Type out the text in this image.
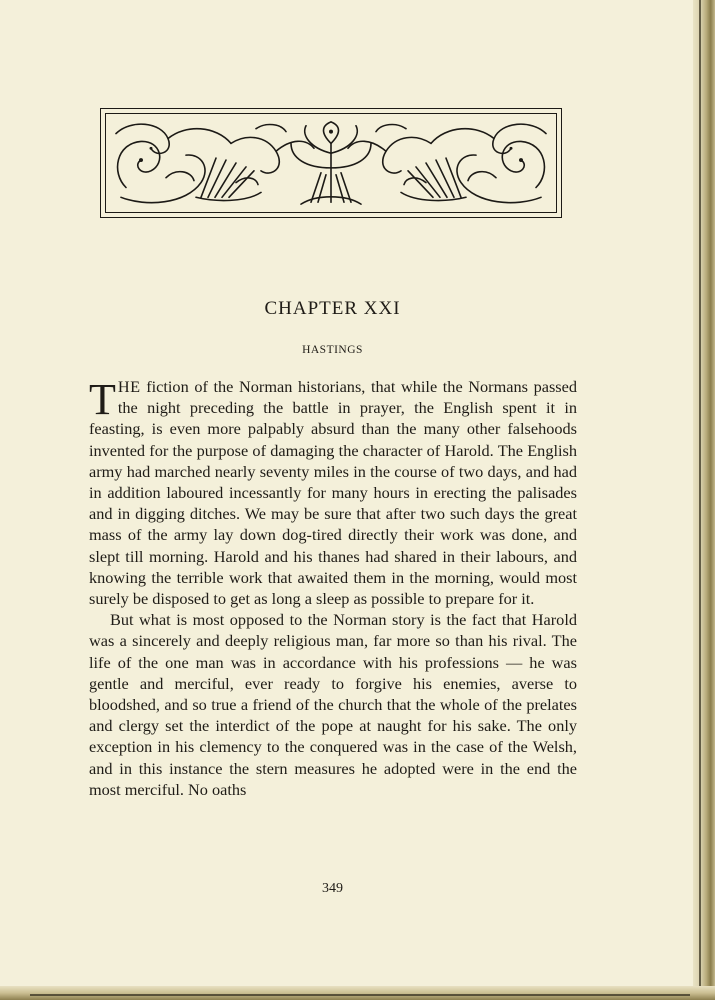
CHAPTER XXI
HASTINGS

THE fiction of the Norman historians, that while the Normans passed the night preceding the battle in prayer, the English spent it in feasting, is even more palpably absurd than the many other falsehoods invented for the purpose of damaging the character of Harold. The English army had marched nearly seventy miles in the course of two days, and had in addition laboured incessantly for many hours in erecting the palisades and in digging ditches. We may be sure that after two such days the great mass of the army lay down dog-tired directly their work was done, and slept till morning. Harold and his thanes had shared in their labours, and knowing the terrible work that awaited them in the morning, would most surely be disposed to get as long a sleep as possible to prepare for it.

But what is most opposed to the Norman story is the fact that Harold was a sincerely and deeply religious man, far more so than his rival. The life of the one man was in accordance with his professions — he was gentle and merciful, ever ready to forgive his enemies, averse to bloodshed, and so true a friend of the church that the whole of the prelates and clergy set the interdict of the pope at naught for his sake. The only exception in his clemency to the conquered was in the case of the Welsh, and in this instance the stern measures he adopted were in the end the most merciful. No oaths

349
